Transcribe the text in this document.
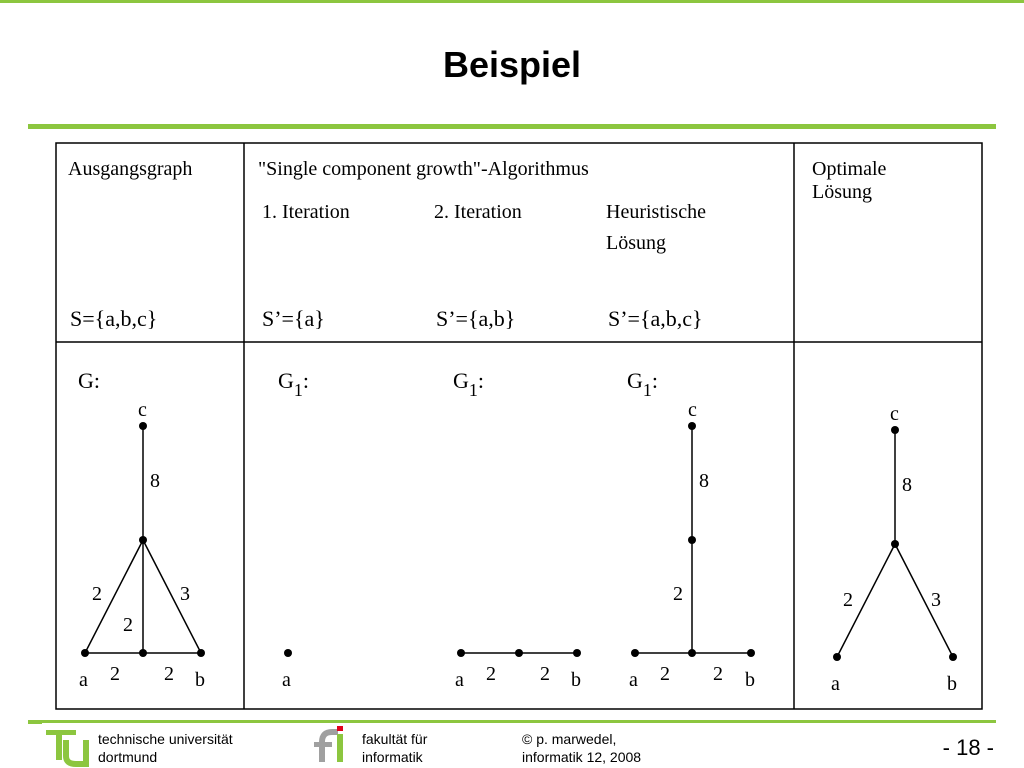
Beispiel
Ausgangsgraph	"Single component growth"-Algorithmus	Optimale
Lösung
1. Iteration	2. Iteration	Heuristische
Lösung
S={a,b,c}	S’={a}	S’={a,b}	S’={a,b,c}
G:
c
8
2	3
2
2 2
a	b
$G_1$:
a
$G_1$:
2 2
a	b
$G_1$:
c
8
2
2 2
a	b
c
8
2	3
a	b
technische universität
dortmund
fakultät für
informatik
© p. marwedel,
informatik 12, 2008	- 18 -
